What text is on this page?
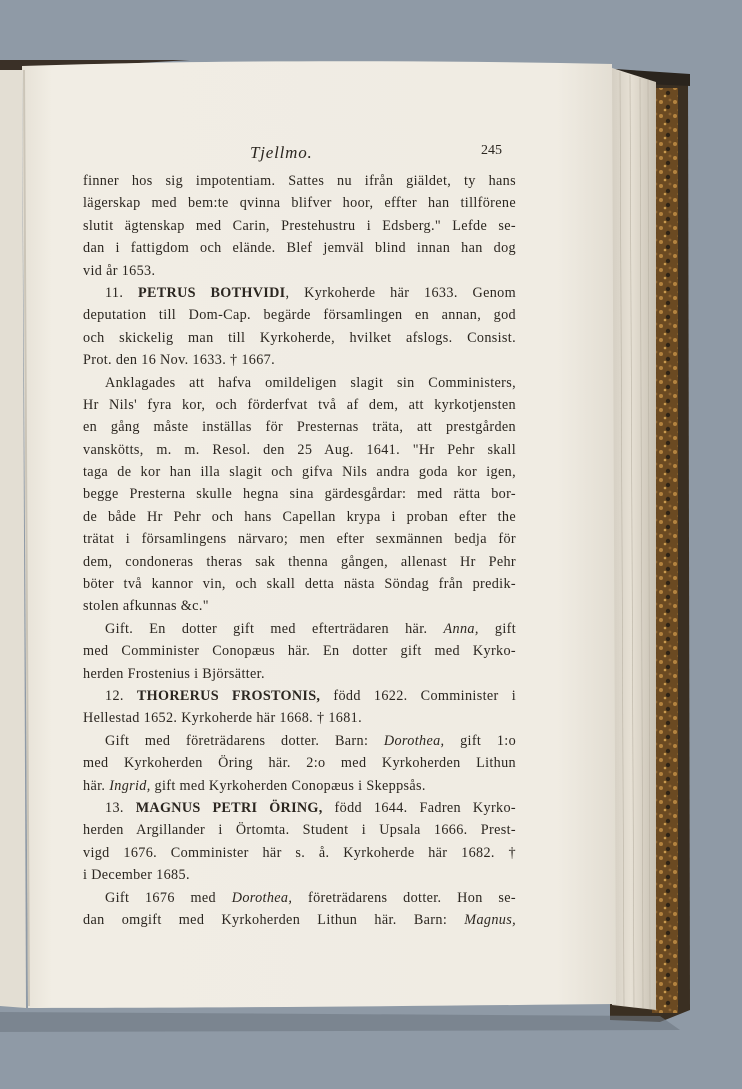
Tjellmo.	245
finner hos sig impotentiam. Sattes nu ifrån giäldet, ty hans
lägerskap med bem:te qvinna blifver hoor, effter han tillförene
slutit ägtenskap med Carin, Prestehustru i Edsberg." Lefde se-
dan i fattigdom och elände. Blef jemväl blind innan han dog
vid år 1653.
11. PETRUS BOTHVIDI, Kyrkoherde här 1633. Genom
deputation till Dom-Cap. begärde församlingen en annan, god
och skickelig man till Kyrkoherde, hvilket afslogs. Consist.
Prot. den 16 Nov. 1633. † 1667.
Anklagades att hafva omildeligen slagit sin Comministers,
Hr Nils' fyra kor, och förderfvat två af dem, att kyrkotjensten
en gång måste inställas för Presternas träta, att prestgården
vanskötts, m. m. Resol. den 25 Aug. 1641. "Hr Pehr skall
taga de kor han illa slagit och gifva Nils andra goda kor igen,
begge Presterna skulle hegna sina gärdesgårdar: med rätta bor-
de både Hr Pehr och hans Capellan krypa i proban efter the
trätat i församlingens närvaro; men efter sexmännen bedja för
dem, condoneras theras sak thenna gången, allenast Hr Pehr
böter två kannor vin, och skall detta nästa Söndag från predik-
stolen afkunnas &c."
Gift. En dotter gift med efterträdaren här. Anna, gift
med Comminister Conopæus här. En dotter gift med Kyrko-
herden Frostenius i Björsätter.
12. THORERUS FROSTONIS, född 1622. Comminister i
Hellestad 1652. Kyrkoherde här 1668. † 1681.
Gift med företrädarens dotter. Barn: Dorothea, gift 1:o
med Kyrkoherden Öring här. 2:o med Kyrkoherden Lithun
här. Ingrid, gift med Kyrkoherden Conopæus i Skeppsås.
13. MAGNUS PETRI ÖRING, född 1644. Fadren Kyrko-
herden Argillander i Örtomta. Student i Upsala 1666. Prest-
vigd 1676. Comminister här s. å. Kyrkoherde här 1682. †
i December 1685.
Gift 1676 med Dorothea, företrädarens dotter. Hon se-
dan omgift med Kyrkoherden Lithun här. Barn: Magnus,
